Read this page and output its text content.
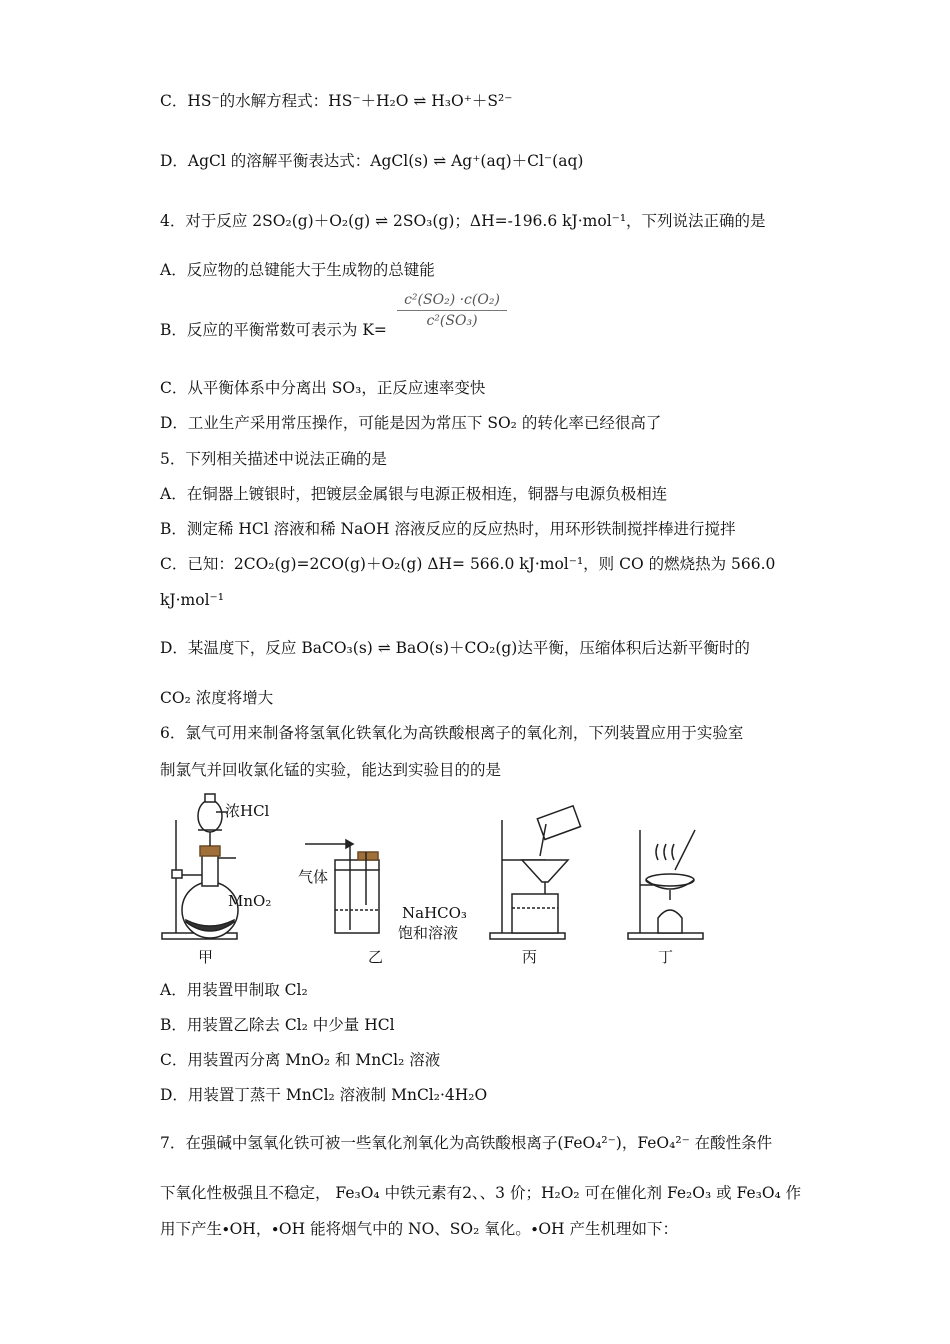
C．HS⁻的水解方程式：HS⁻＋H₂O ⇌ H₃O⁺＋S²⁻
D．AgCl 的溶解平衡表达式：AgCl(s) ⇌ Ag⁺(aq)＋Cl⁻(aq)
4．对于反应 2SO₂(g)＋O₂(g) ⇌ 2SO₃(g)；ΔH=-196.6 kJ·mol⁻¹，下列说法正确的是
A．反应物的总键能大于生成物的总键能
B．反应的平衡常数可表示为 K=
$\frac{\text{c²(SO₂) ·c(O₂)}}{\text{c²(SO₃)}}$
C．从平衡体系中分离出 SO₃，正反应速率变快
D．工业生产采用常压操作，可能是因为常压下 SO₂ 的转化率已经很高了
5．下列相关描述中说法正确的是
A．在铜器上镀银时，把镀层金属银与电源正极相连，铜器与电源负极相连
B．测定稀 HCl 溶液和稀 NaOH 溶液反应的反应热时，用环形铁制搅拌棒进行搅拌
C．已知：2CO₂(g)=2CO(g)＋O₂(g) ΔH= 566.0 kJ·mol⁻¹，则 CO 的燃烧热为 566.0
kJ·mol⁻¹
D．某温度下，反应 BaCO₃(s) ⇌ BaO(s)＋CO₂(g)达平衡，压缩体积后达新平衡时的
CO₂ 浓度将增大
6．氯气可用来制备将氢氧化铁氧化为高铁酸根离子的氧化剂，下列装置应用于实验室
制氯气并回收氯化锰的实验，能达到实验目的的是
浓HCl
MnO₂
气体
NaHCO₃
饱和溶液
甲	乙	丙	丁
A．用装置甲制取 Cl₂
B．用装置乙除去 Cl₂ 中少量 HCl
C．用装置丙分离 MnO₂ 和 MnCl₂ 溶液
D．用装置丁蒸干 MnCl₂ 溶液制 MnCl₂·4H₂O
7．在强碱中氢氧化铁可被一些氧化剂氧化为高铁酸根离子(FeO₄²⁻)，FeO₄²⁻ 在酸性条件
下氧化性极强且不稳定， Fe₃O₄ 中铁元素有2、、3 价；H₂O₂ 可在催化剂 Fe₂O₃ 或 Fe₃O₄ 作
用下产生∙OH，∙OH 能将烟气中的 NO、SO₂ 氧化。∙OH 产生机理如下：
